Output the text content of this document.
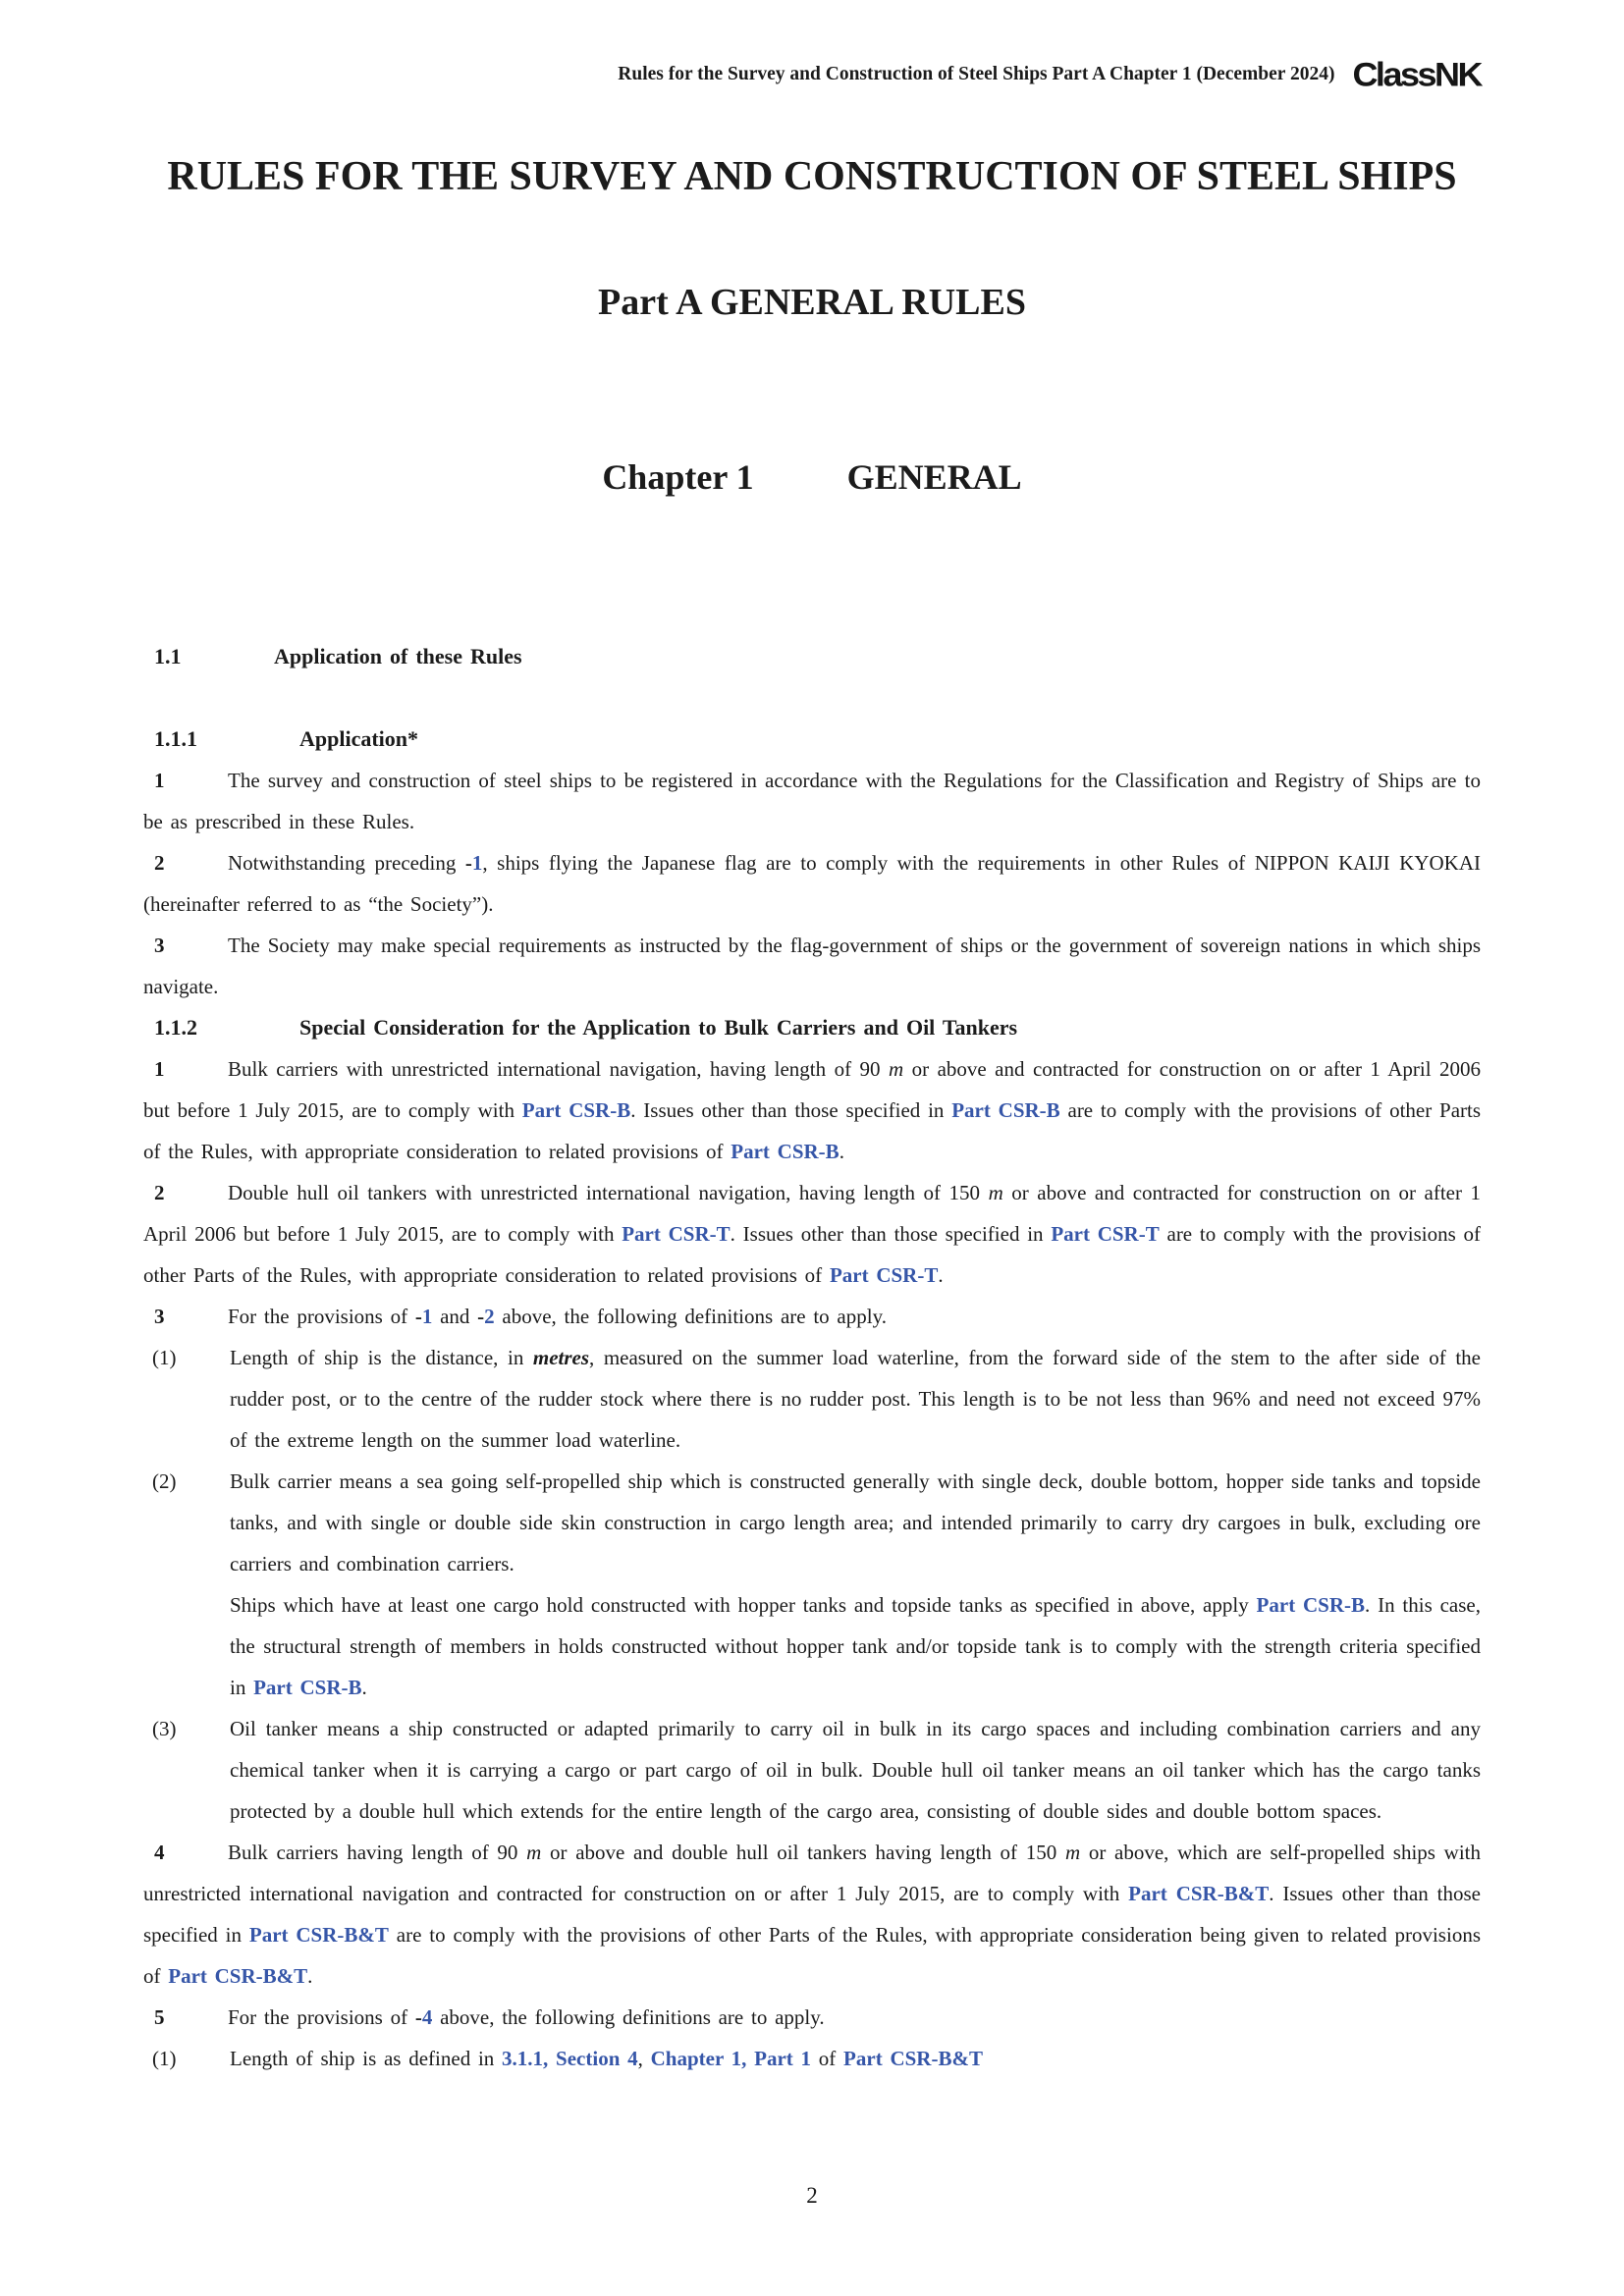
Rules for the Survey and Construction of Steel Ships Part A Chapter 1 (December 2024) ClassNK
RULES FOR THE SURVEY AND CONSTRUCTION OF STEEL SHIPS
Part A GENERAL RULES
Chapter 1	GENERAL
1.1	Application of these Rules
1.1.1	Application*
1	The survey and construction of steel ships to be registered in accordance with the Regulations for the Classification and Registry of Ships are to be as prescribed in these Rules.
2	Notwithstanding preceding -1, ships flying the Japanese flag are to comply with the requirements in other Rules of NIPPON KAIJI KYOKAI (hereinafter referred to as “the Society”).
3	The Society may make special requirements as instructed by the flag-government of ships or the government of sovereign nations in which ships navigate.
1.1.2	Special Consideration for the Application to Bulk Carriers and Oil Tankers
1	Bulk carriers with unrestricted international navigation, having length of 90 m or above and contracted for construction on or after 1 April 2006 but before 1 July 2015, are to comply with Part CSR-B. Issues other than those specified in Part CSR-B are to comply with the provisions of other Parts of the Rules, with appropriate consideration to related provisions of Part CSR-B.
2	Double hull oil tankers with unrestricted international navigation, having length of 150 m or above and contracted for construction on or after 1 April 2006 but before 1 July 2015, are to comply with Part CSR-T. Issues other than those specified in Part CSR-T are to comply with the provisions of other Parts of the Rules, with appropriate consideration to related provisions of Part CSR-T.
3	For the provisions of -1 and -2 above, the following definitions are to apply.
(1)	Length of ship is the distance, in metres, measured on the summer load waterline, from the forward side of the stem to the after side of the rudder post, or to the centre of the rudder stock where there is no rudder post. This length is to be not less than 96% and need not exceed 97% of the extreme length on the summer load waterline.
(2)	Bulk carrier means a sea going self-propelled ship which is constructed generally with single deck, double bottom, hopper side tanks and topside tanks, and with single or double side skin construction in cargo length area; and intended primarily to carry dry cargoes in bulk, excluding ore carriers and combination carriers.
Ships which have at least one cargo hold constructed with hopper tanks and topside tanks as specified in above, apply Part CSR-B. In this case, the structural strength of members in holds constructed without hopper tank and/or topside tank is to comply with the strength criteria specified in Part CSR-B.
(3)	Oil tanker means a ship constructed or adapted primarily to carry oil in bulk in its cargo spaces and including combination carriers and any chemical tanker when it is carrying a cargo or part cargo of oil in bulk. Double hull oil tanker means an oil tanker which has the cargo tanks protected by a double hull which extends for the entire length of the cargo area, consisting of double sides and double bottom spaces.
4	Bulk carriers having length of 90 m or above and double hull oil tankers having length of 150 m or above, which are self-propelled ships with unrestricted international navigation and contracted for construction on or after 1 July 2015, are to comply with Part CSR-B&T. Issues other than those specified in Part CSR-B&T are to comply with the provisions of other Parts of the Rules, with appropriate consideration being given to related provisions of Part CSR-B&T.
5	For the provisions of -4 above, the following definitions are to apply.
(1)	Length of ship is as defined in 3.1.1, Section 4, Chapter 1, Part 1 of Part CSR-B&T
2
